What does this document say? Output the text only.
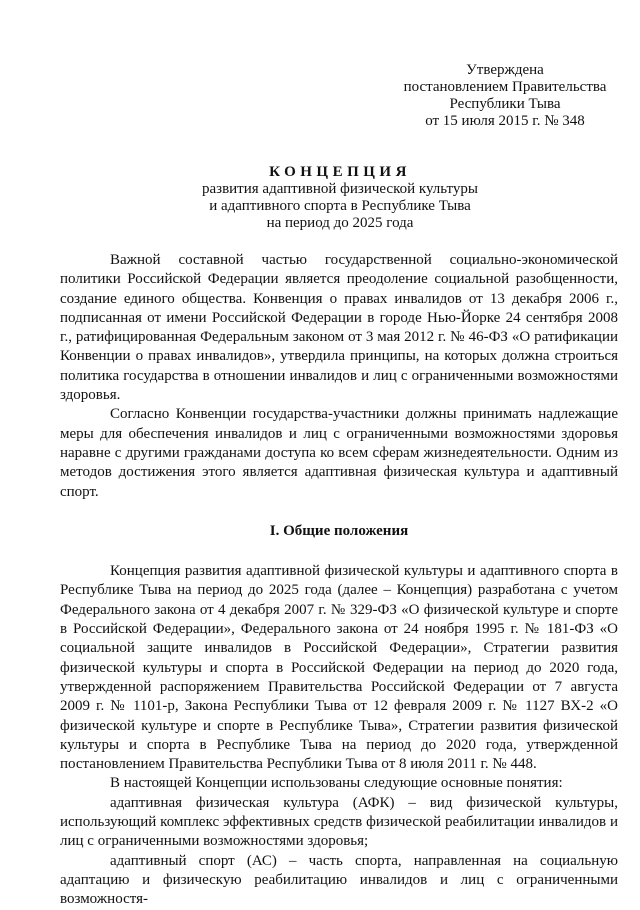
Утверждена
постановлением Правительства
Республики Тыва
от 15 июля 2015 г. № 348
КОНЦЕПЦИЯ
развития адаптивной физической культуры
и адаптивного спорта в Республике Тыва
на период до 2025 года

Важной составной частью государственной социально-экономической политики Российской Федерации является преодоление социальной разобщенности, создание единого общества. Конвенция о правах инвалидов от 13 декабря 2006 г., подписанная от имени Российской Федерации в городе Нью-Йорке 24 сентября 2008 г., ратифицированная Федеральным законом от 3 мая 2012 г. № 46-ФЗ «О ратификации Конвенции о правах инвалидов», утвердила принципы, на которых должна строиться политика государства в отношении инвалидов и лиц с ограниченными возможностями здоровья.

Согласно Конвенции государства-участники должны принимать надлежащие меры для обеспечения инвалидов и лиц с ограниченными возможностями здоровья наравне с другими гражданами доступа ко всем сферам жизнедеятельности. Одним из методов достижения этого является адаптивная физическая культура и адаптивный спорт.

I. Общие положения

Концепция развития адаптивной физической культуры и адаптивного спорта в Республике Тыва на период до 2025 года (далее – Концепция) разработана с учетом Федерального закона от 4 декабря 2007 г. № 329-ФЗ «О физической культуре и спорте в Российской Федерации», Федерального закона от 24 ноября 1995 г. № 181-ФЗ «О социальной защите инвалидов в Российской Федерации», Стратегии развития физической культуры и спорта в Российской Федерации на период до 2020 года, утвержденной распоряжением Правительства Российской Федерации от 7 августа 2009 г. № 1101-р, Закона Республики Тыва от 12 февраля 2009 г. № 1127 ВХ-2 «О физической культуре и спорте в Республике Тыва», Стратегии развития физической культуры и спорта в Республике Тыва на период до 2020 года, утвержденной постановлением Правительства Республики Тыва от 8 июля 2011 г. № 448.

В настоящей Концепции использованы следующие основные понятия:

адаптивная физическая культура (АФК) – вид физической культуры, использующий комплекс эффективных средств физической реабилитации инвалидов и лиц с ограниченными возможностями здоровья;

адаптивный спорт (АС) – часть спорта, направленная на социальную адаптацию и физическую реабилитацию инвалидов и лиц с ограниченными возможностя-
